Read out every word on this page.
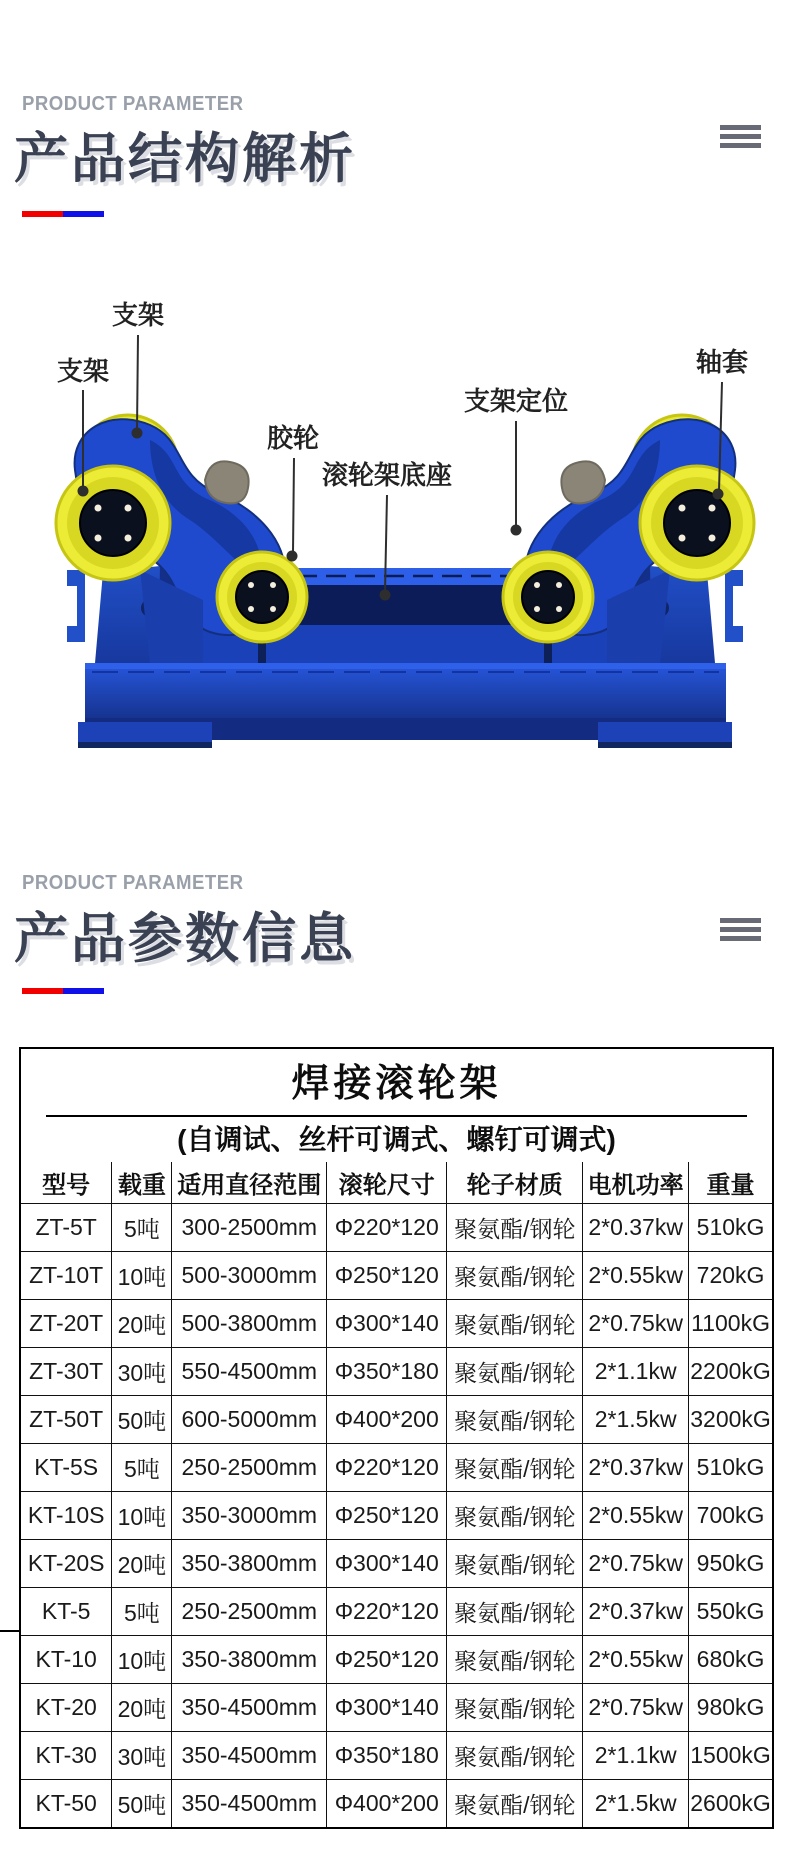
PRODUCT PARAMETER
产品结构解析
支架
支架
胶轮
滚轮架底座
支架定位
轴套
PRODUCT PARAMETER
产品参数信息
焊接滚轮架
(自调试、丝杆可调式、螺钉可调式)
型号	载重	适用直径范围	滚轮尺寸	轮子材质	电机功率	重量
ZT-5T	5吨	300-2500mm	Φ220*120	聚氨酯/钢轮	2*0.37kw	510kG
ZT-10T	10吨	500-3000mm	Φ250*120	聚氨酯/钢轮	2*0.55kw	720kG
ZT-20T	20吨	500-3800mm	Φ300*140	聚氨酯/钢轮	2*0.75kw	1100kG
ZT-30T	30吨	550-4500mm	Φ350*180	聚氨酯/钢轮	2*1.1kw	2200kG
ZT-50T	50吨	600-5000mm	Φ400*200	聚氨酯/钢轮	2*1.5kw	3200kG
KT-5S	5吨	250-2500mm	Φ220*120	聚氨酯/钢轮	2*0.37kw	510kG
KT-10S	10吨	350-3000mm	Φ250*120	聚氨酯/钢轮	2*0.55kw	700kG
KT-20S	20吨	350-3800mm	Φ300*140	聚氨酯/钢轮	2*0.75kw	950kG
KT-5	5吨	250-2500mm	Φ220*120	聚氨酯/钢轮	2*0.37kw	550kG
KT-10	10吨	350-3800mm	Φ250*120	聚氨酯/钢轮	2*0.55kw	680kG
KT-20	20吨	350-4500mm	Φ300*140	聚氨酯/钢轮	2*0.75kw	980kG
KT-30	30吨	350-4500mm	Φ350*180	聚氨酯/钢轮	2*1.1kw	1500kG
KT-50	50吨	350-4500mm	Φ400*200	聚氨酯/钢轮	2*1.5kw	2600kG
